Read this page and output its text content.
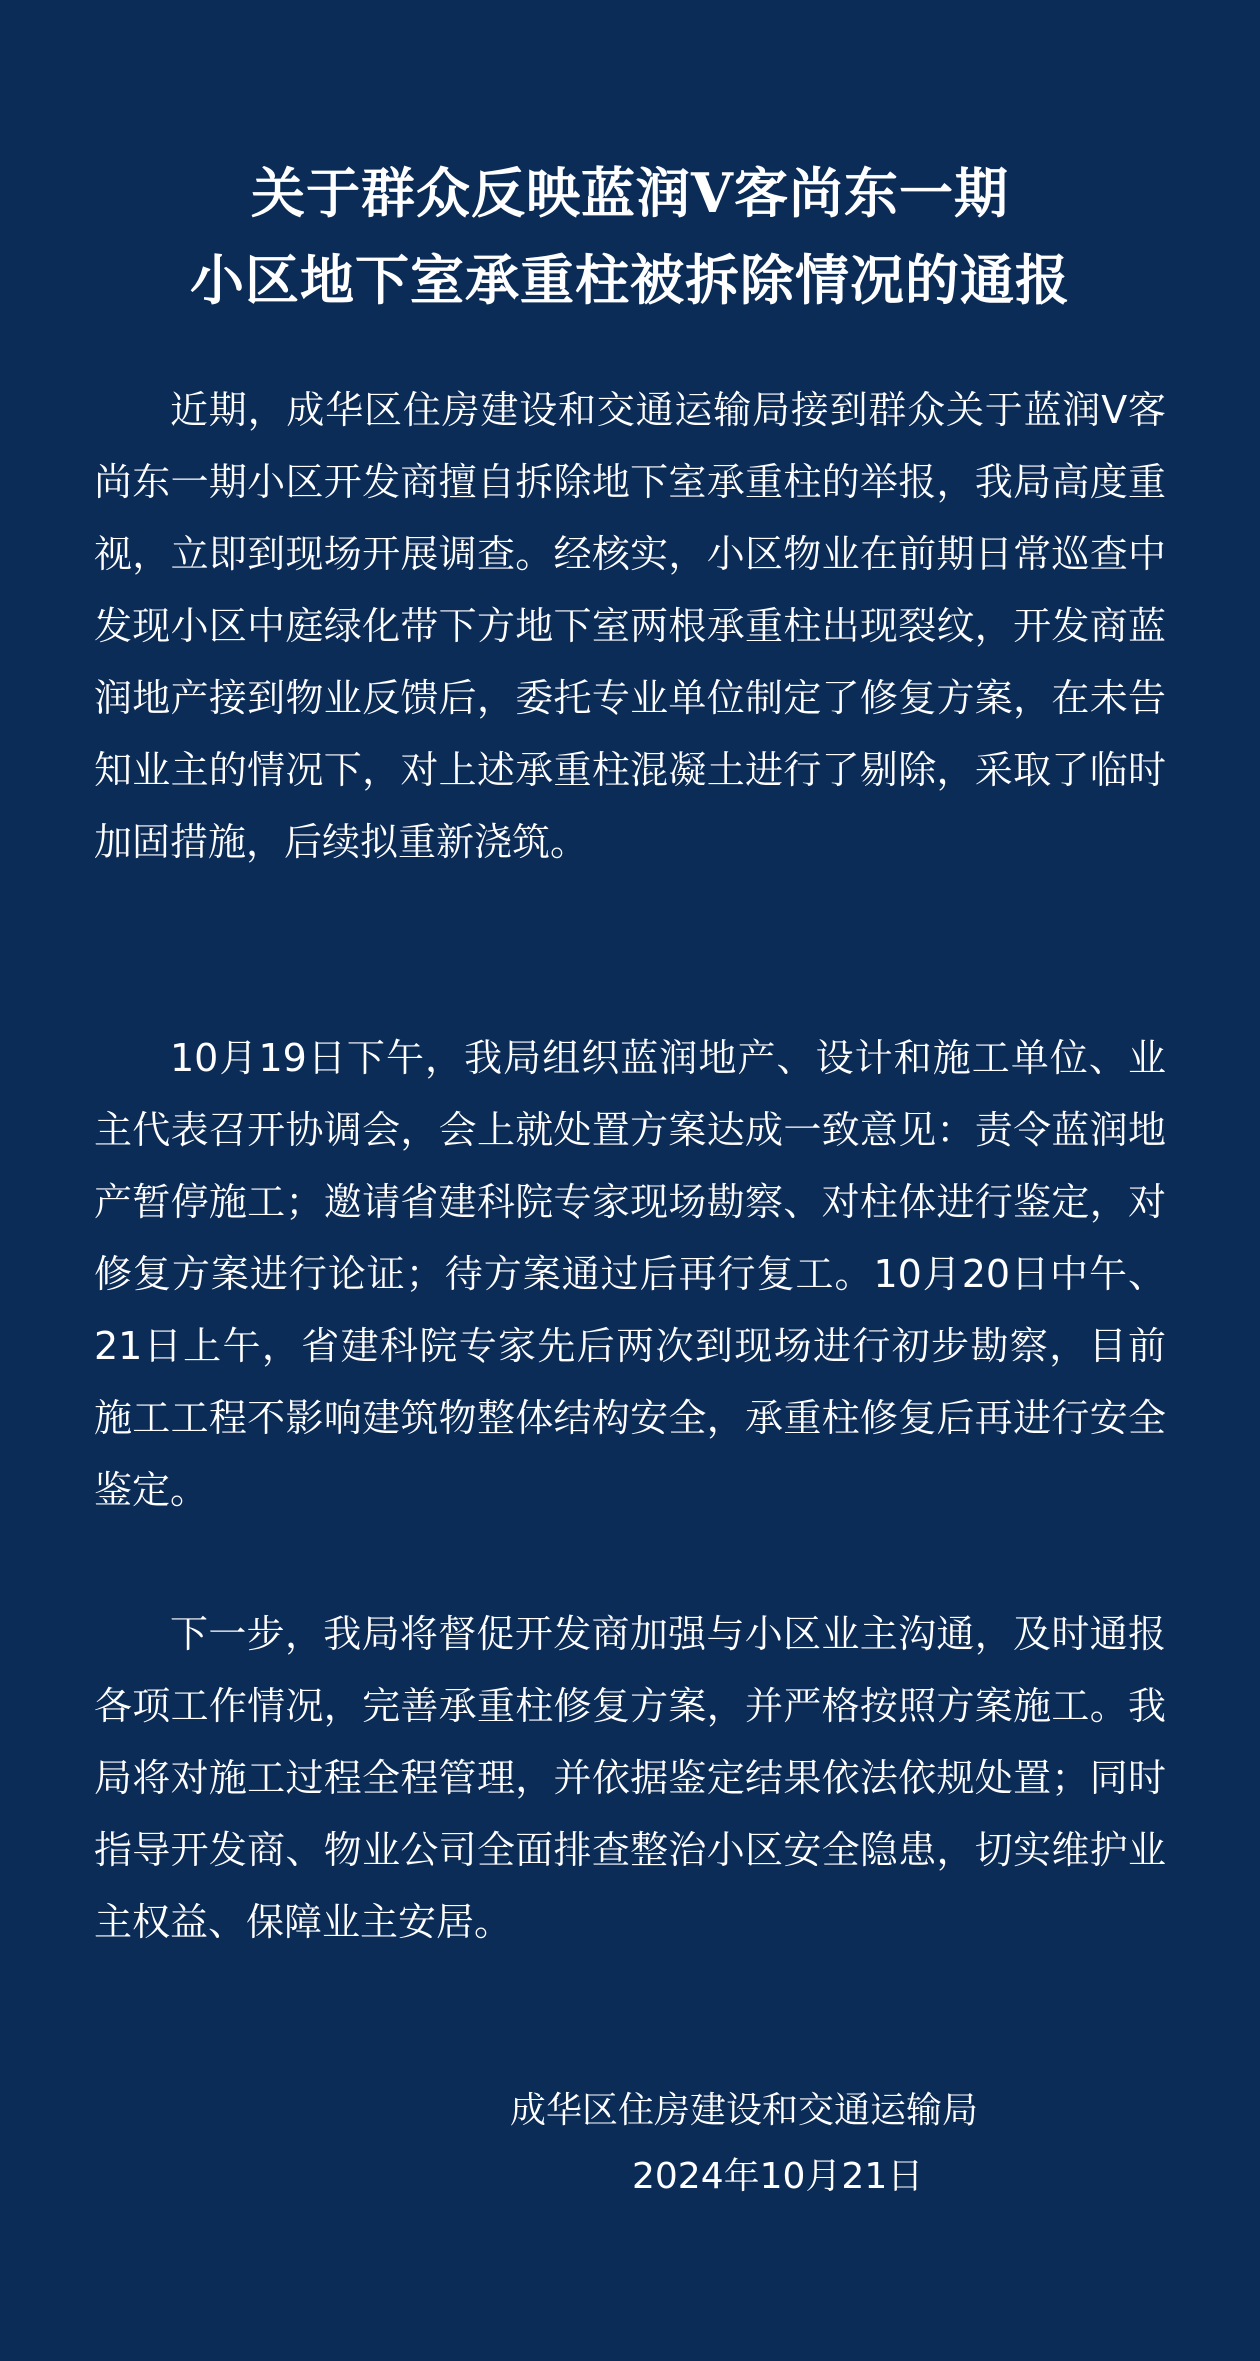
关于群众反映蓝润V客尚东一期
小区地下室承重柱被拆除情况的通报

近期，成华区住房建设和交通运输局接到群众关于蓝润V客尚东一期小区开发商擅自拆除地下室承重柱的举报，我局高度重视，立即到现场开展调查。经核实，小区物业在前期日常巡查中发现小区中庭绿化带下方地下室两根承重柱出现裂纹，开发商蓝润地产接到物业反馈后，委托专业单位制定了修复方案，在未告知业主的情况下，对上述承重柱混凝土进行了剔除，采取了临时加固措施，后续拟重新浇筑。

10月19日下午，我局组织蓝润地产、设计和施工单位、业主代表召开协调会，会上就处置方案达成一致意见：责令蓝润地产暂停施工；邀请省建科院专家现场勘察、对柱体进行鉴定，对修复方案进行论证；待方案通过后再行复工。10月20日中午、21日上午，省建科院专家先后两次到现场进行初步勘察，目前施工工程不影响建筑物整体结构安全，承重柱修复后再进行安全鉴定。

下一步，我局将督促开发商加强与小区业主沟通，及时通报各项工作情况，完善承重柱修复方案，并严格按照方案施工。我局将对施工过程全程管理，并依据鉴定结果依法依规处置；同时指导开发商、物业公司全面排查整治小区安全隐患，切实维护业主权益、保障业主安居。

成华区住房建设和交通运输局
2024年10月21日
